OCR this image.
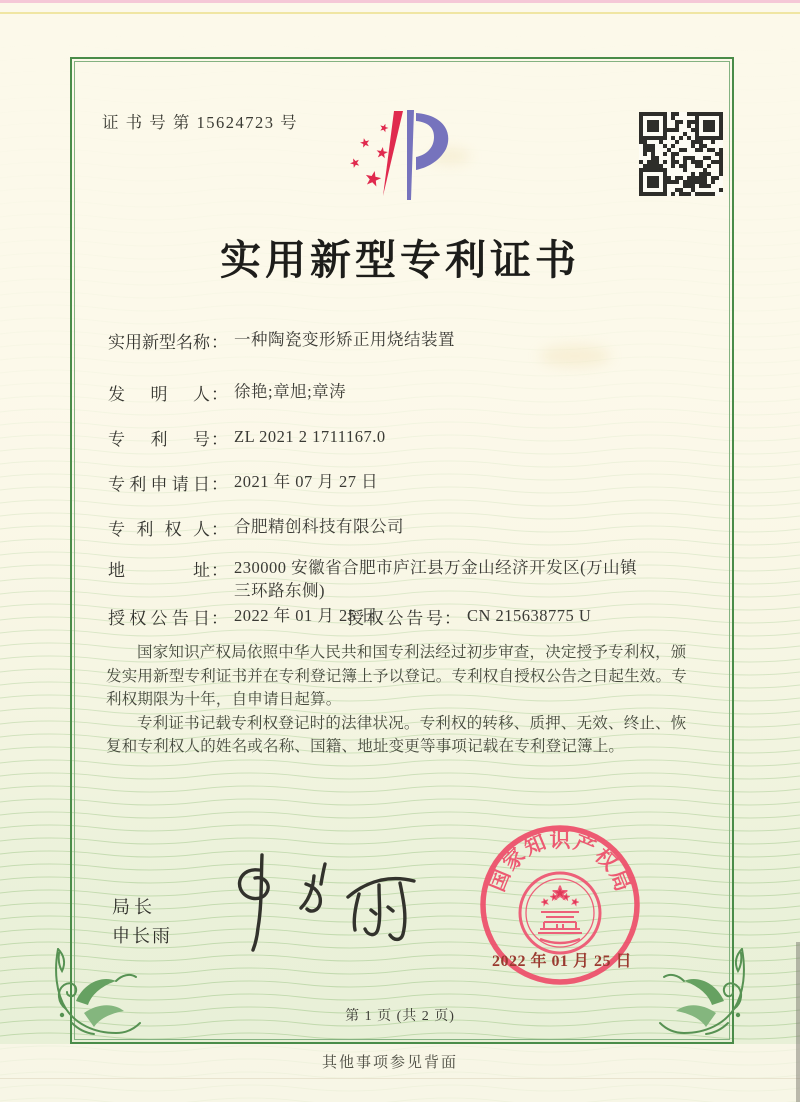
证 书 号 第 15624723 号
实用新型专利证书
实用新型名称 ： 一种陶瓷变形矫正用烧结装置
发明人 ： 徐艳;章旭;章涛
专利号 ： ZL 2021 2 1711167.0
专利申请日 ： 2021 年 07 月 27 日
专利权人 ： 合肥精创科技有限公司
地址 ： 230000 安徽省合肥市庐江县万金山经济开发区(万山镇三环路东侧)
授权公告日 ： 2022 年 01 月 25 日
授权公告号 ： CN 215638775 U

国家知识产权局依照中华人民共和国专利法经过初步审查，决定授予专利权，颁发实用新型专利证书并在专利登记簿上予以登记。专利权自授权公告之日起生效。专利权期限为十年，自申请日起算。

专利证书记载专利权登记时的法律状况。专利权的转移、质押、无效、终止、恢复和专利权人的姓名或名称、国籍、地址变更等事项记载在专利登记簿上。

局长
申长雨
国家知识产权局
2022 年 01 月 25 日
第 1 页 (共 2 页)
其他事项参见背面
